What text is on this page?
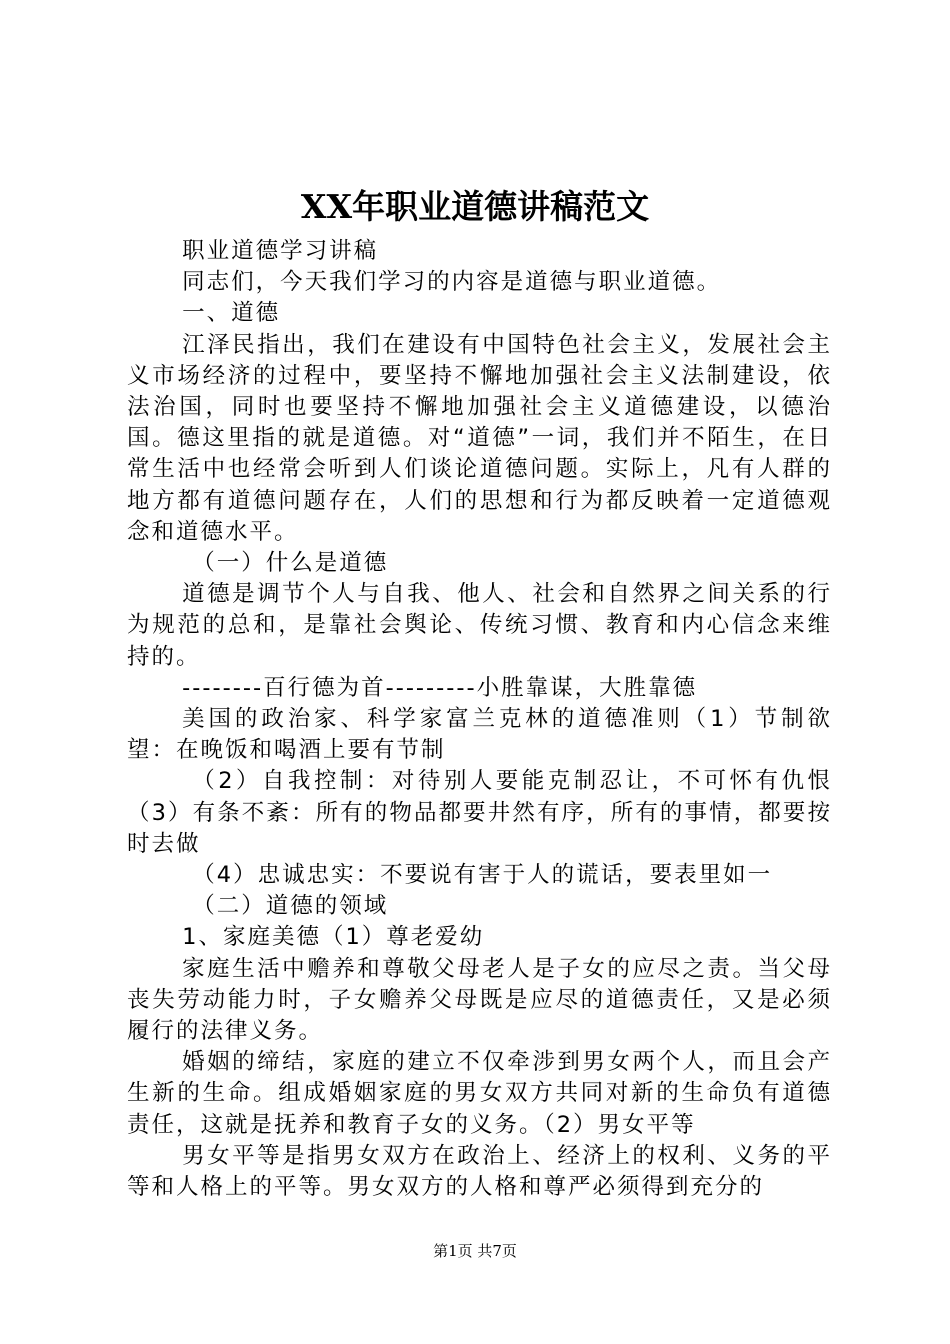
XX年职业道德讲稿范文

职业道德学习讲稿

同志们，今天我们学习的内容是道德与职业道德。

一、道德

江泽民指出，我们在建设有中国特色社会主义，发展社会主义市场经济的过程中，要坚持不懈地加强社会主义法制建设，依法治国，同时也要坚持不懈地加强社会主义道德建设，以德治国。德这里指的就是道德。对“道德”一词，我们并不陌生，在日常生活中也经常会听到人们谈论道德问题。实际上，凡有人群的地方都有道德问题存在，人们的思想和行为都反映着一定道德观念和道德水平。

（一）什么是道德

道德是调节个人与自我、他人、社会和自然界之间关系的行为规范的总和，是靠社会舆论、传统习惯、教育和内心信念来维持的。

--------百行德为首---------小胜靠谋，大胜靠德

美国的政治家、科学家富兰克林的道德准则（1）节制欲望：在晚饭和喝酒上要有节制

（2）自我控制：对待别人要能克制忍让，不可怀有仇恨（3）有条不紊：所有的物品都要井然有序，所有的事情，都要按时去做

（4）忠诚忠实：不要说有害于人的谎话，要表里如一

（二）道德的领域

1、家庭美德（1）尊老爱幼

家庭生活中赡养和尊敬父母老人是子女的应尽之责。当父母丧失劳动能力时，子女赡养父母既是应尽的道德责任，又是必须履行的法律义务。

婚姻的缔结，家庭的建立不仅牵涉到男女两个人，而且会产生新的生命。组成婚姻家庭的男女双方共同对新的生命负有道德责任，这就是抚养和教育子女的义务。（2）男女平等

男女平等是指男女双方在政治上、经济上的权利、义务的平等和人格上的平等。男女双方的人格和尊严必须得到充分的

第1页 共7页
